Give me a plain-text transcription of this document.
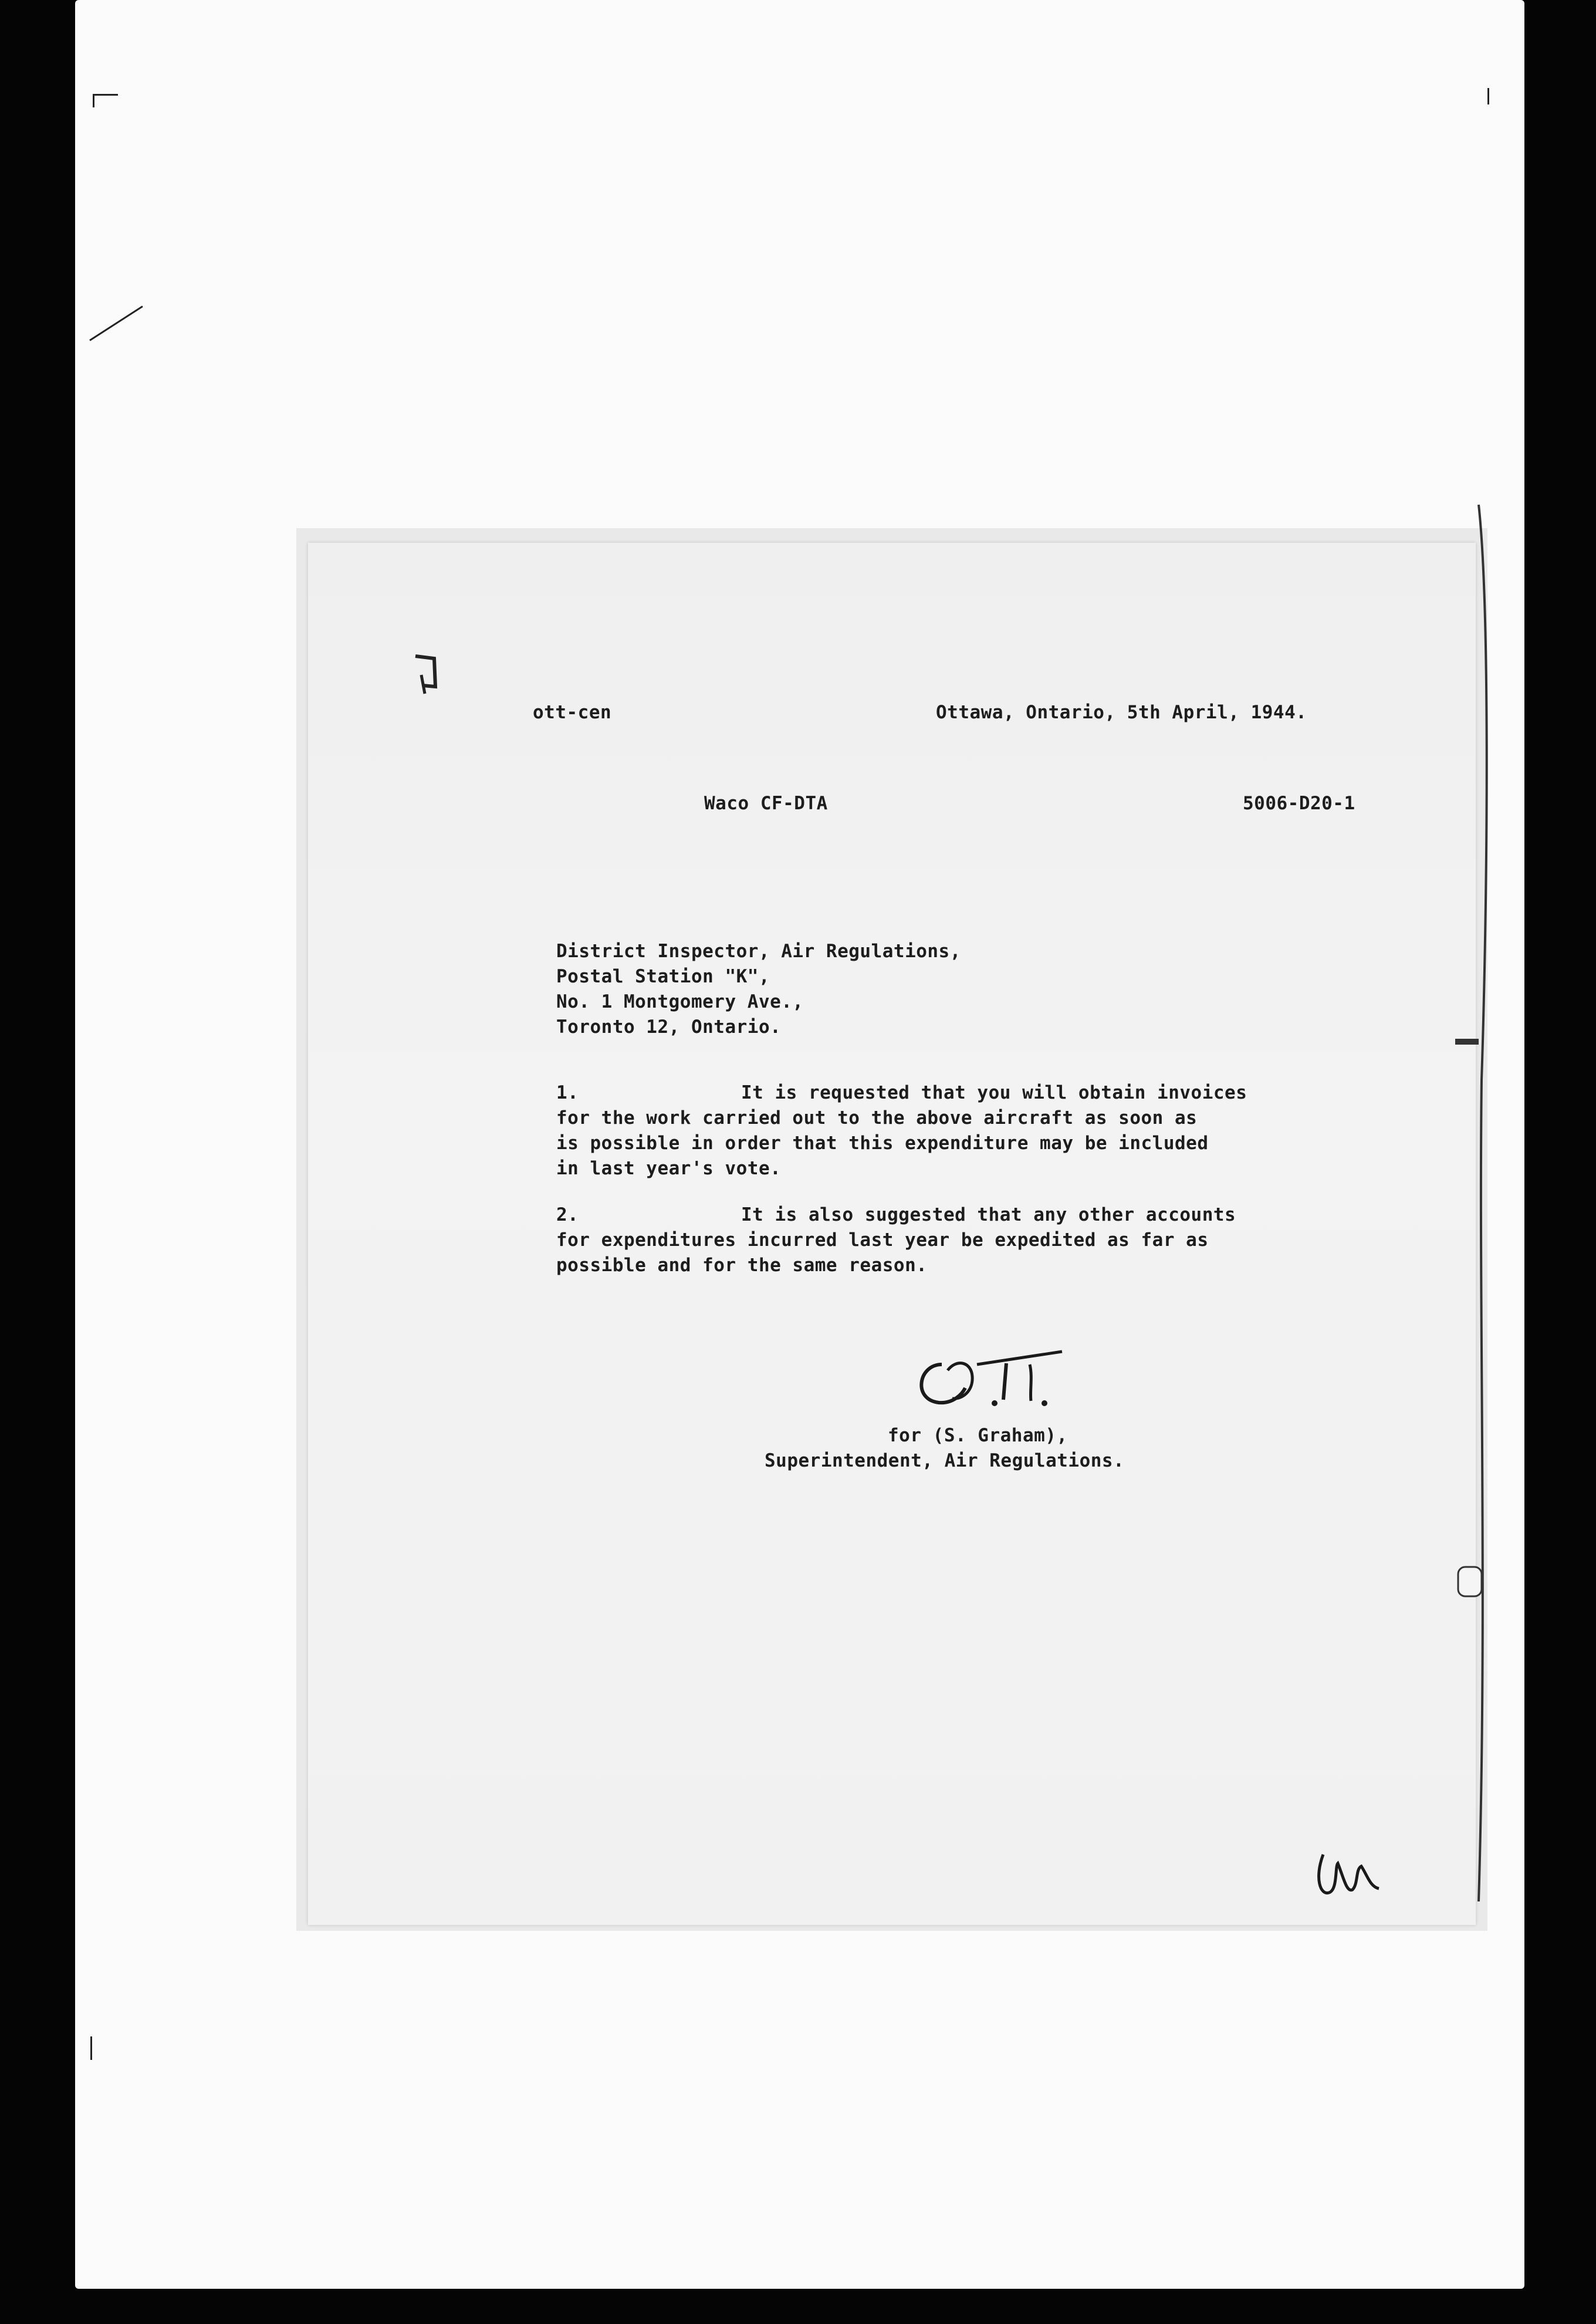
ott-cen	Ottawa, Ontario, 5th April, 1944.
Waco CF-DTA	5006-D20-1
District Inspector, Air Regulations,
Postal Station "K",
No. 1 Montgomery Ave.,
Toronto 12, Ontario.
1.	It is requested that you will obtain invoices
for the work carried out to the above aircraft as soon as
is possible in order that this expenditure may be included
in last year's vote.
2.	It is also suggested that any other accounts
for expenditures incurred last year be expedited as far as
possible and for the same reason.
for (S. Graham),
Superintendent, Air Regulations.
